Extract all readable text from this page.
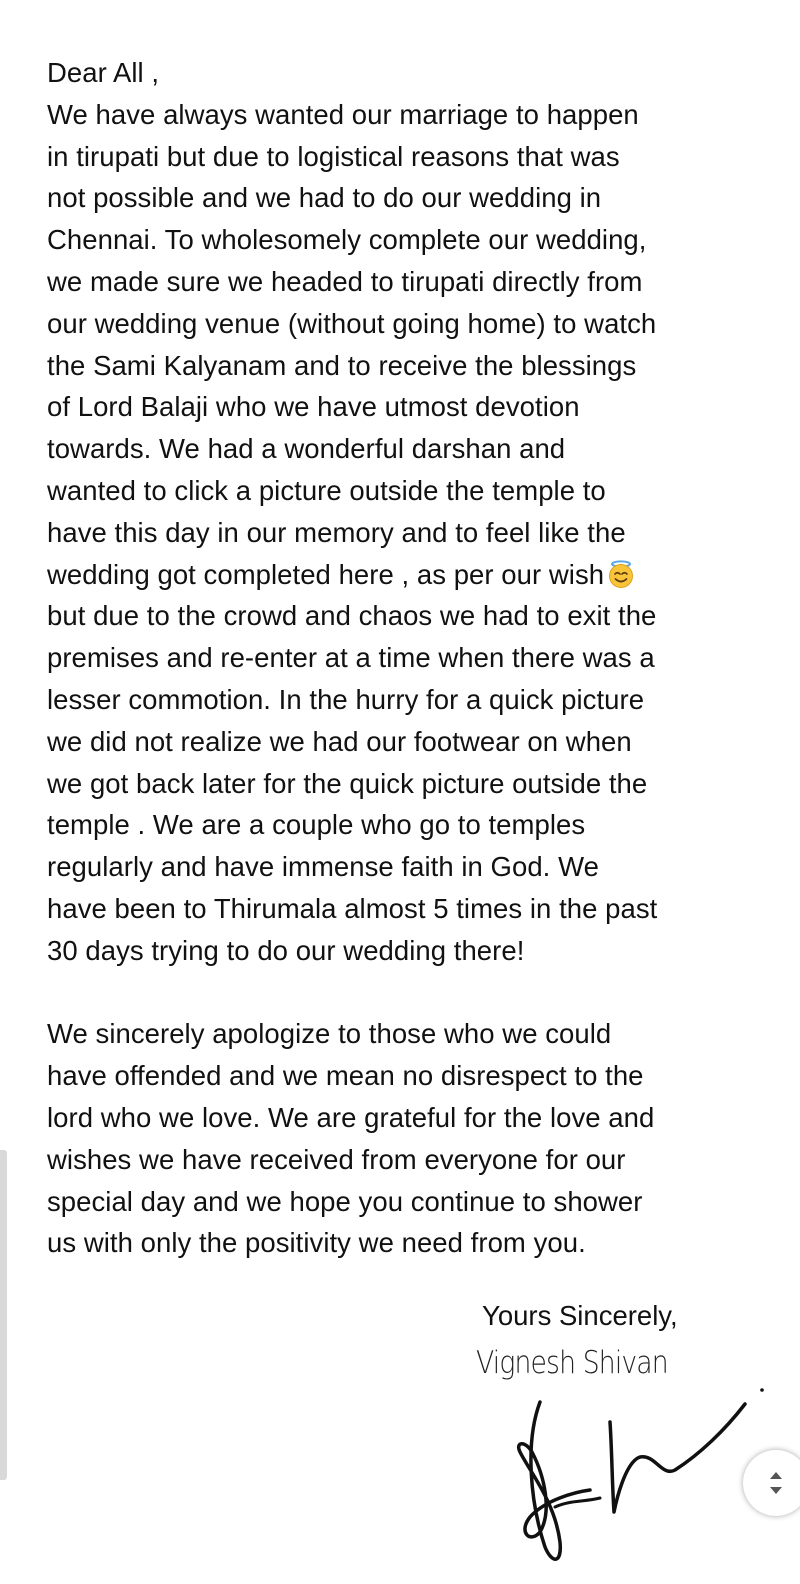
Dear All ,

We have always wanted our marriage to happen
in tirupati but due to logistical reasons that was
not possible and we had to do our wedding in
Chennai. To wholesomely complete our wedding,
we made sure we headed to tirupati directly from
our wedding venue (without going home) to watch
the Sami Kalyanam and to receive the blessings
of Lord Balaji who we have utmost devotion
towards. We had a wonderful darshan and
wanted to click a picture outside the temple to
have this day in our memory and to feel like the
wedding got completed here , as per our wish
but due to the crowd and chaos we had to exit the
premises and re-enter at a time when there was a
lesser commotion. In the hurry for a quick picture
we did not realize we had our footwear on when
we got back later for the quick picture outside the
temple . We are a couple who go to temples
regularly and have immense faith in God. We
have been to Thirumala almost 5 times in the past
30 days trying to do our wedding there!

We sincerely apologize to those who we could
have offended and we mean no disrespect to the
lord who we love. We are grateful for the love and
wishes we have received from everyone for our
special day and we hope you continue to shower
us with only the positivity we need from you.

Yours Sincerely,

Vignesh Shivan
